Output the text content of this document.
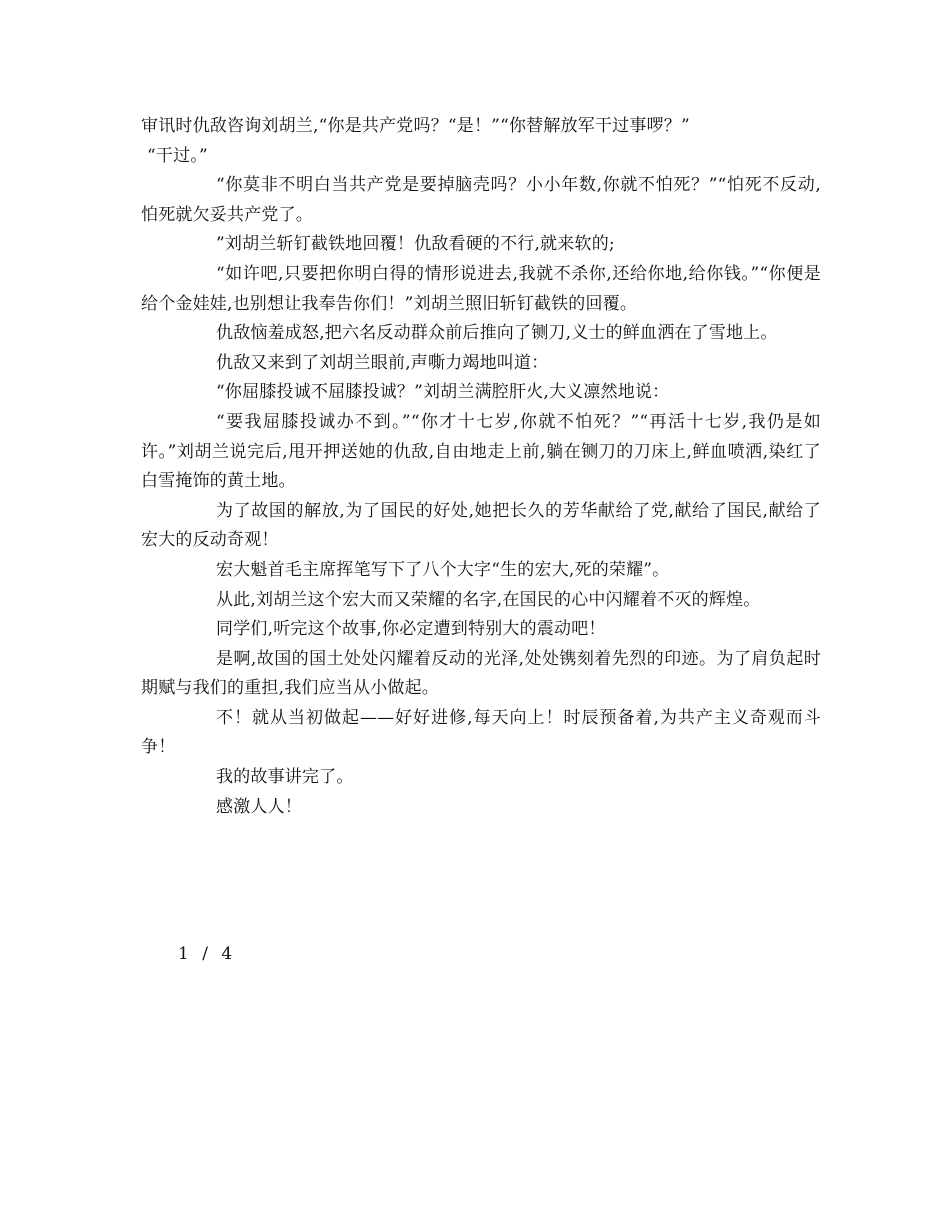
审讯时仇敌咨询刘胡兰,“你是共产党吗？“是！”“你替解放军干过事啰？”

“干过。”

“你莫非不明白当共产党是要掉脑壳吗？小小年数,你就不怕死？”“怕死不反动,怕死就欠妥共产党了。

”刘胡兰斩钉截铁地回覆！仇敌看硬的不行,就来软的;

“如许吧,只要把你明白得的情形说进去,我就不杀你,还给你地,给你钱。”“你便是给个金娃娃,也别想让我奉告你们！”刘胡兰照旧斩钉截铁的回覆。

仇敌恼羞成怒,把六名反动群众前后推向了铡刀,义士的鲜血洒在了雪地上。

仇敌又来到了刘胡兰眼前,声嘶力竭地叫道：

“你屈膝投诚不屈膝投诚？”刘胡兰满腔肝火,大义凛然地说：

“要我屈膝投诚办不到。”“你才十七岁,你就不怕死？”“再活十七岁,我仍是如许。”刘胡兰说完后,甩开押送她的仇敌,自由地走上前,躺在铡刀的刀床上,鲜血喷洒,染红了白雪掩饰的黄土地。

为了故国的解放,为了国民的好处,她把长久的芳华献给了党,献给了国民,献给了宏大的反动奇观！

宏大魁首毛主席挥笔写下了八个大字“生的宏大,死的荣耀”。

从此,刘胡兰这个宏大而又荣耀的名字,在国民的心中闪耀着不灭的辉煌。

同学们,听完这个故事,你必定遭到特别大的震动吧！

是啊,故国的国土处处闪耀着反动的光泽,处处镌刻着先烈的印迹。为了肩负起时期赋与我们的重担,我们应当从小做起。

不！就从当初做起——好好进修,每天向上！时辰预备着,为共产主义奇观而斗争！

我的故事讲完了。

感激人人！

1 / 4
